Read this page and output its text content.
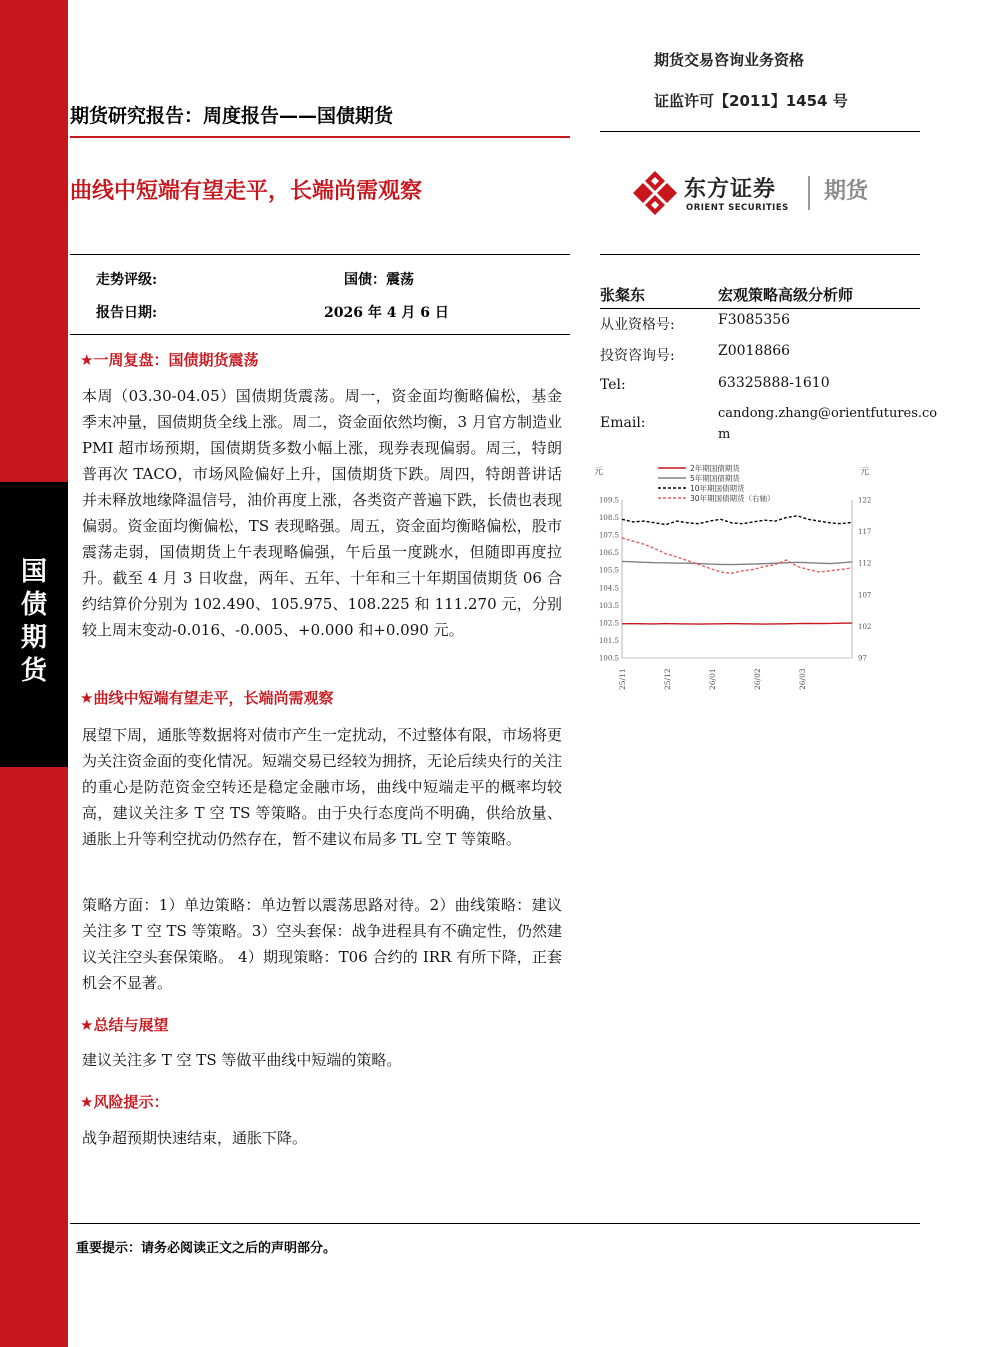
国
债
期
货
期货交易咨询业务资格
证监许可【2011】1454 号
期货研究报告：周度报告——国债期货
曲线中短端有望走平，长端尚需观察	东方证券
ORIENT SECURITIES
期货
走势评级:	国债：震荡
报告日期:	2026 年 4 月 6 日
张粲东	宏观策略高级分析师
从业资格号:	F3085356
投资咨询号:	Z0018866
Tel:	63325888-1610
Email:
candong.zhang@orientfutures.co
m
★一周复盘：国债期货震荡
本周（03.30-04.05）国债期货震荡。周一，资金面均衡略偏松，基金季末冲量，国债期货全线上涨。周二，资金面依然均衡，3 月官方制造业 PMI 超市场预期，国债期货多数小幅上涨，现券表现偏弱。周三，特朗普再次 TACO，市场风险偏好上升，国债期货下跌。周四，特朗普讲话并未释放地缘降温信号，油价再度上涨，各类资产普遍下跌，长债也表现偏弱。资金面均衡偏松，TS 表现略强。周五，资金面均衡略偏松，股市震荡走弱，国债期货上午表现略偏强，午后虽一度跳水，但随即再度拉升。截至 4 月 3 日收盘，两年、五年、十年和三十年期国债期货 06 合约结算价分别为 102.490、105.975、108.225 和 111.270 元，分别较上周末变动-0.016、-0.005、+0.000 和+0.090 元。
★曲线中短端有望走平，长端尚需观察
展望下周，通胀等数据将对债市产生一定扰动，不过整体有限，市场将更为关注资金面的变化情况。短端交易已经较为拥挤，无论后续央行的关注的重心是防范资金空转还是稳定金融市场，曲线中短端走平的概率均较高，建议关注多 T 空 TS 等策略。由于央行态度尚不明确，供给放量、通胀上升等利空扰动仍然存在，暂不建议布局多 TL 空 T 等策略。
策略方面：1）单边策略：单边暂以震荡思路对待。2）曲线策略：建议关注多 T 空 TS 等策略。3）空头套保：战争进程具有不确定性，仍然建议关注空头套保策略。 4）期现策略：T06 合约的 IRR 有所下降，正套机会不显著。
★总结与展望
建议关注多 T 空 TS 等做平曲线中短端的策略。
★风险提示：
战争超预期快速结束，通胀下降。
2年期国债期货
5年期国债期货
10年期国债期货
30年期国债期货（右轴）
元	元
109.5
108.5
107.5
106.5
105.5
104.5
103.5
102.5
101.5
100.5
122
117
112
107
102
97
25/11	25/12	26/01	26/02	26/03
重要提示：请务必阅读正文之后的声明部分。
